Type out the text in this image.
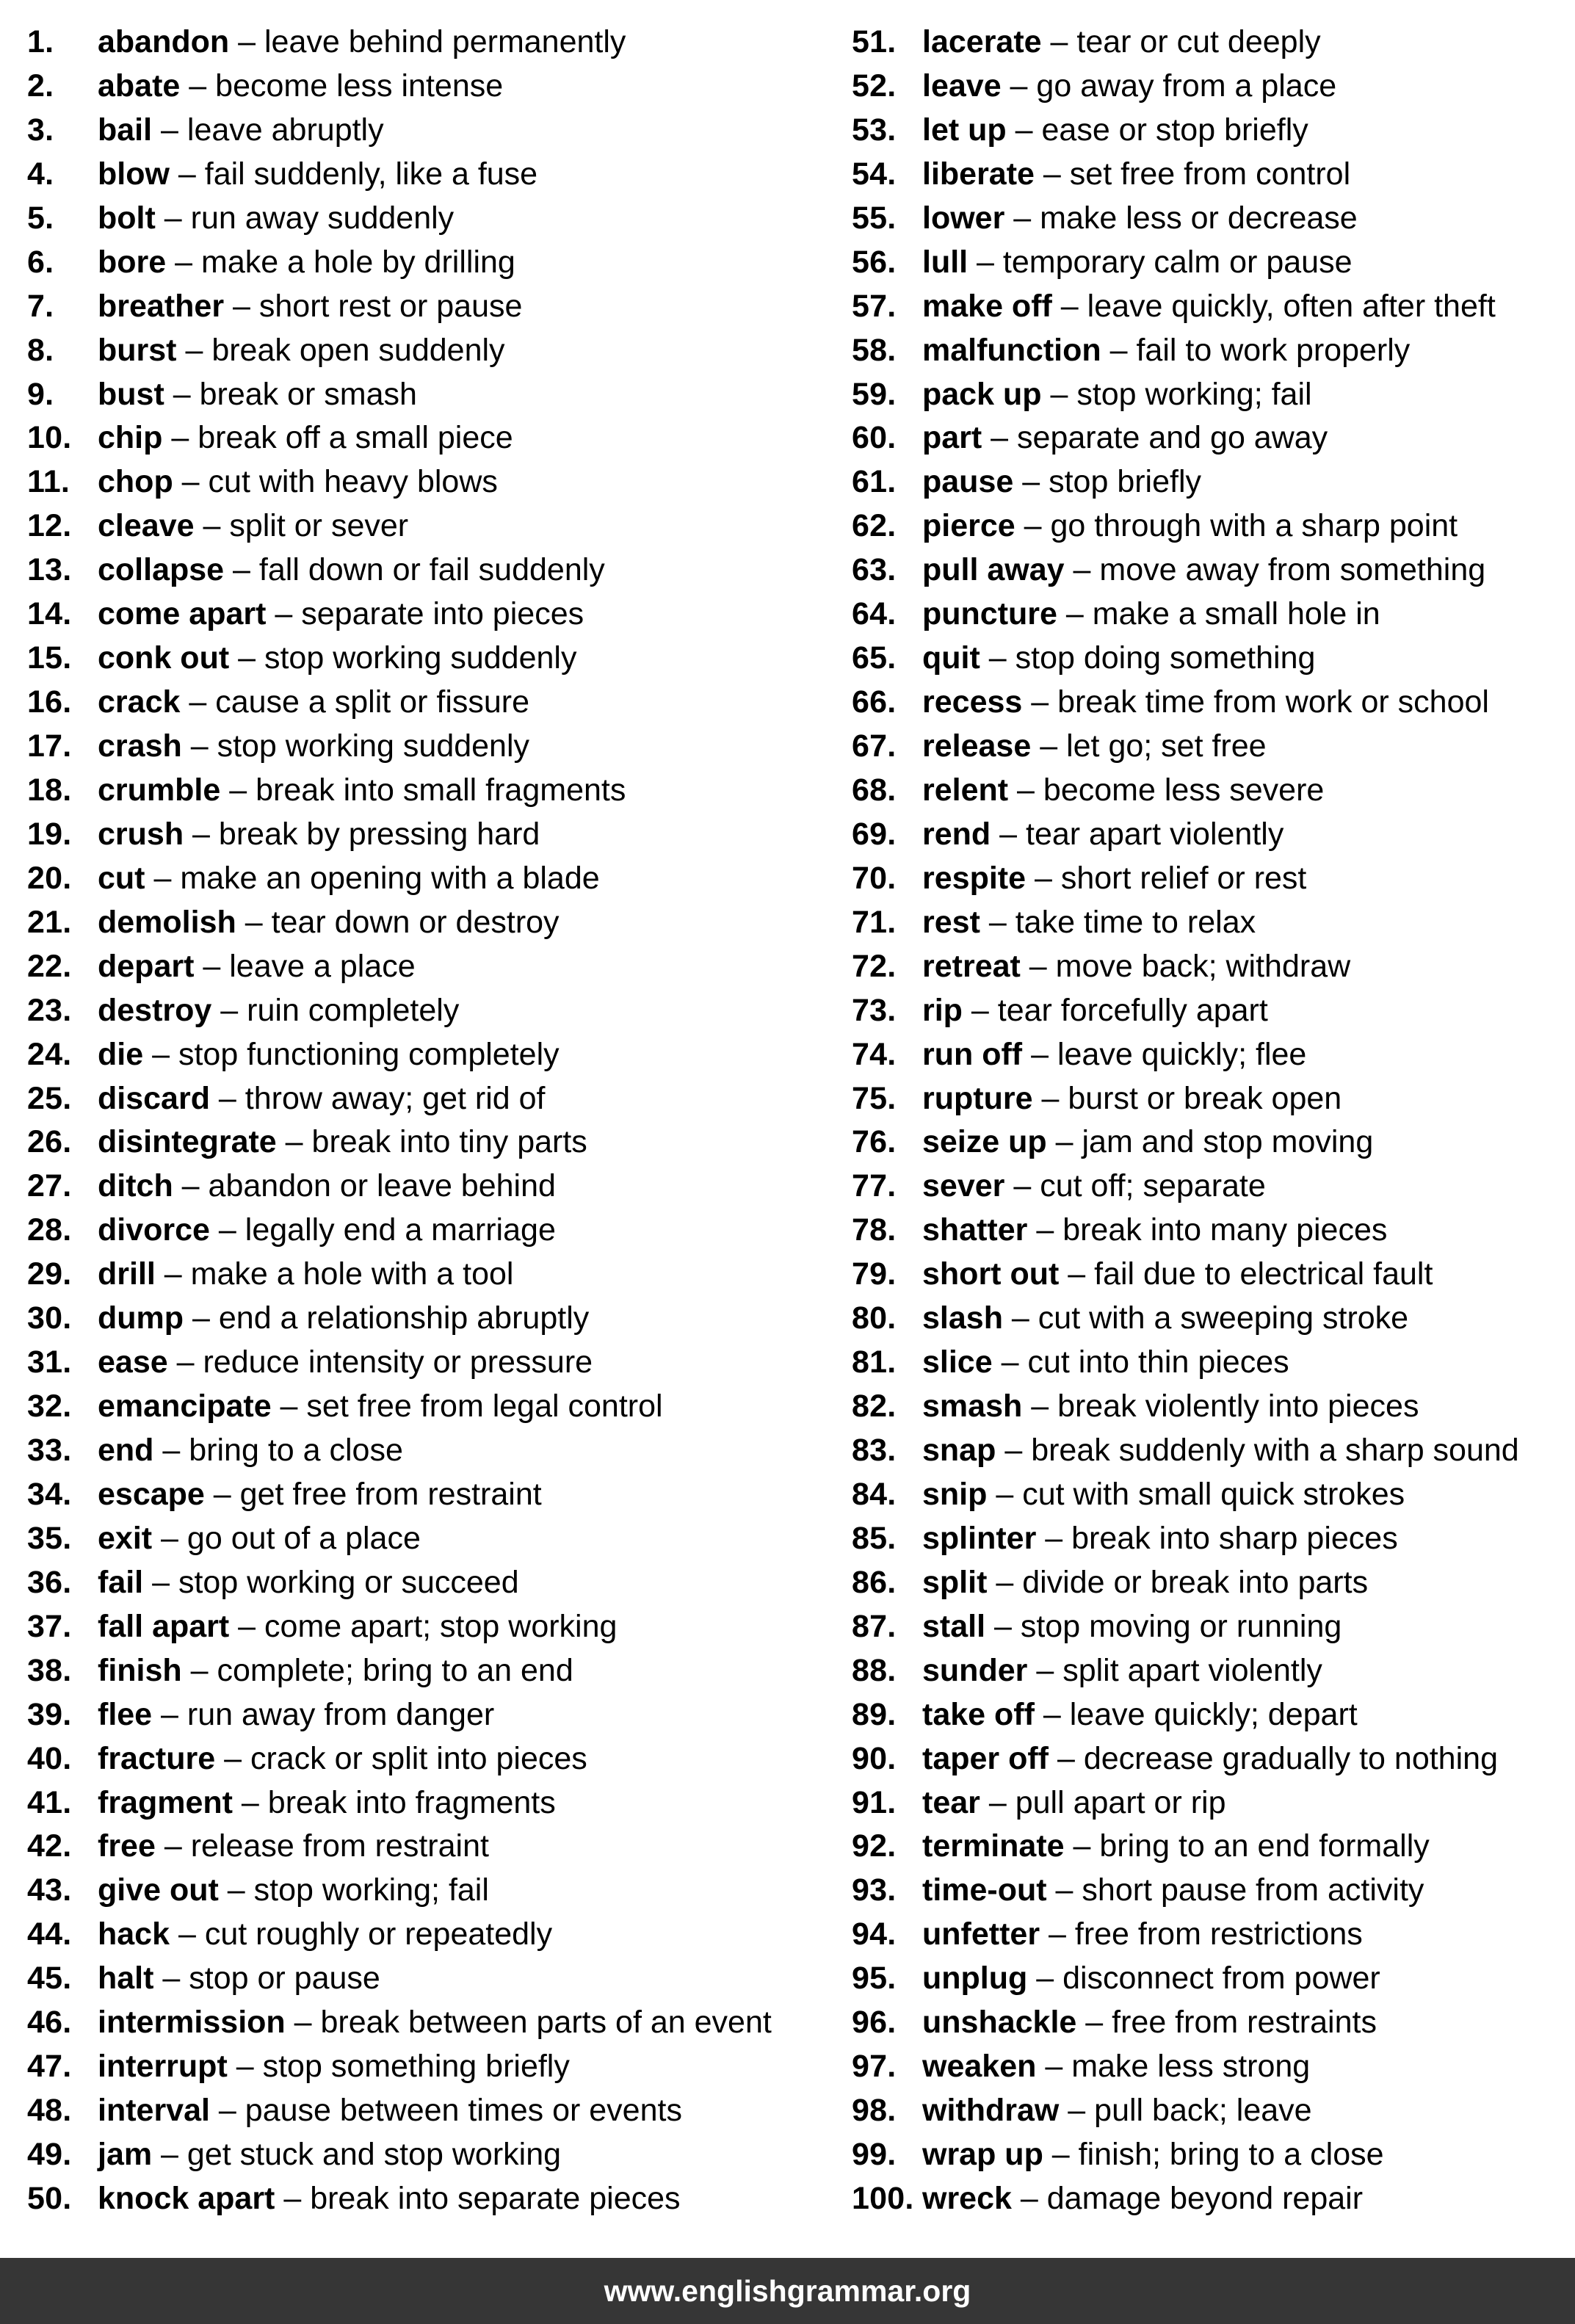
1.	abandon – leave behind permanently
2.	abate – become less intense
3.	bail – leave abruptly
4.	blow – fail suddenly, like a fuse
5.	bolt – run away suddenly
6.	bore – make a hole by drilling
7.	breather – short rest or pause
8.	burst – break open suddenly
9.	bust – break or smash
10. chip – break off a small piece
11. chop – cut with heavy blows
12. cleave – split or sever
13. collapse – fall down or fail suddenly
14. come apart – separate into pieces
15. conk out – stop working suddenly
16. crack – cause a split or fissure
17. crash – stop working suddenly
18. crumble – break into small fragments
19. crush – break by pressing hard
20. cut – make an opening with a blade
21. demolish – tear down or destroy
22. depart – leave a place
23. destroy – ruin completely
24. die – stop functioning completely
25. discard – throw away; get rid of
26. disintegrate – break into tiny parts
27. ditch – abandon or leave behind
28. divorce – legally end a marriage
29. drill – make a hole with a tool
30. dump – end a relationship abruptly
31. ease – reduce intensity or pressure
32. emancipate – set free from legal control
33. end – bring to a close
34. escape – get free from restraint
35. exit – go out of a place
36. fail – stop working or succeed
37. fall apart – come apart; stop working
38. finish – complete; bring to an end
39. flee – run away from danger
40. fracture – crack or split into pieces
41. fragment – break into fragments
42. free – release from restraint
43. give out – stop working; fail
44. hack – cut roughly or repeatedly
45. halt – stop or pause
46. intermission – break between parts of an event
47. interrupt – stop something briefly
48. interval – pause between times or events
49. jam – get stuck and stop working
50. knock apart – break into separate pieces
51. lacerate – tear or cut deeply
52. leave – go away from a place
53. let up – ease or stop briefly
54. liberate – set free from control
55. lower – make less or decrease
56. lull – temporary calm or pause
57. make off – leave quickly, often after theft
58. malfunction – fail to work properly
59. pack up – stop working; fail
60. part – separate and go away
61. pause – stop briefly
62. pierce – go through with a sharp point
63. pull away – move away from something
64. puncture – make a small hole in
65. quit – stop doing something
66. recess – break time from work or school
67. release – let go; set free
68. relent – become less severe
69. rend – tear apart violently
70. respite – short relief or rest
71. rest – take time to relax
72. retreat – move back; withdraw
73. rip – tear forcefully apart
74. run off – leave quickly; flee
75. rupture – burst or break open
76. seize up – jam and stop moving
77. sever – cut off; separate
78. shatter – break into many pieces
79. short out – fail due to electrical fault
80. slash – cut with a sweeping stroke
81. slice – cut into thin pieces
82. smash – break violently into pieces
83. snap – break suddenly with a sharp sound
84. snip – cut with small quick strokes
85. splinter – break into sharp pieces
86. split – divide or break into parts
87. stall – stop moving or running
88. sunder – split apart violently
89. take off – leave quickly; depart
90. taper off – decrease gradually to nothing
91. tear – pull apart or rip
92. terminate – bring to an end formally
93. time-out – short pause from activity
94. unfetter – free from restrictions
95. unplug – disconnect from power
96. unshackle – free from restraints
97. weaken – make less strong
98. withdraw – pull back; leave
99. wrap up – finish; bring to a close
100. wreck – damage beyond repair
www.englishgrammar.org
